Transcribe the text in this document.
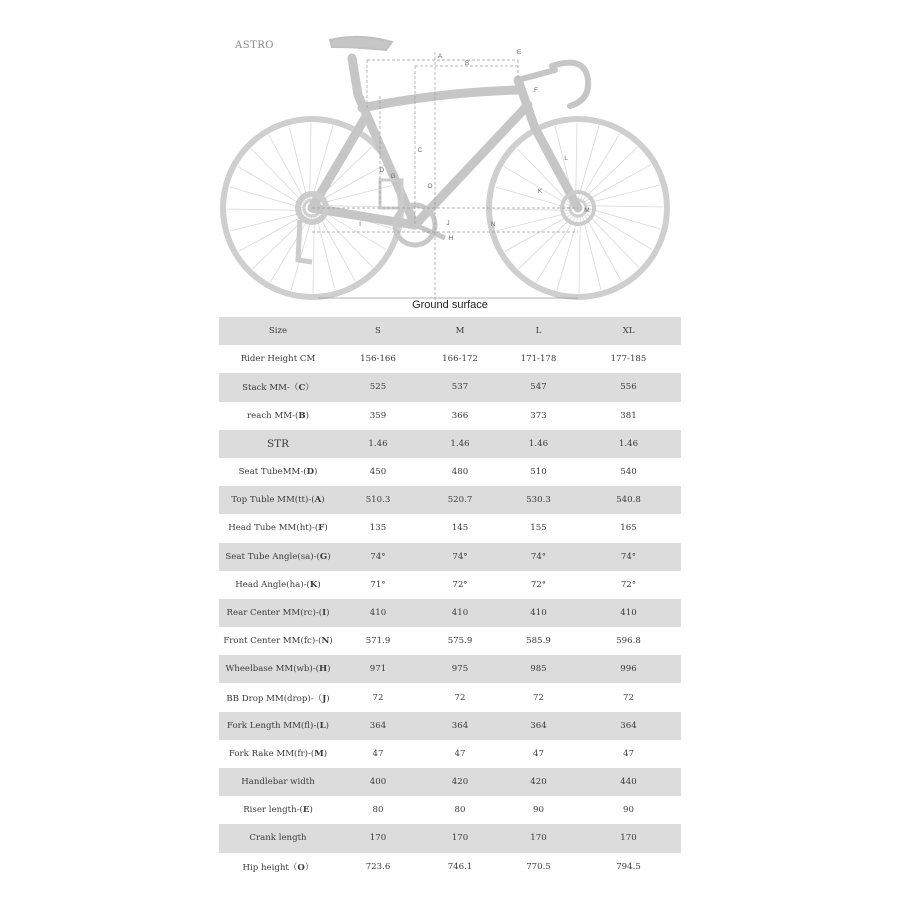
A
B
C
D
E
F
G
H
I	J
K
L
M
N
O
ASTRO
Ground surface
Size	S	M	L	XL
Rider Height CM	156-166	166-172	171-178	177-185
Stack MM-（C）	525	537	547	556
reach MM-(B)	359	366	373	381
STR	1.46	1.46	1.46	1.46
Seat TubeMM-(D)	450	480	510	540
Top Tuble MM(tt)-(A)	510.3	520.7	530.3	540.8
Head Tube MM(ht)-(F)	135	145	155	165
Seat Tube Angle(sa)-(G)	74°	74°	74°	74°
Head Angle(ha)-(K)	71°	72°	72°	72°
Rear Center MM(rc)-(I)	410	410	410	410
Front Center MM(fc)-(N)	571.9	575.9	585.9	596.8
Wheelbase MM(wb)-(H)	971	975	985	996
BB Drop MM(drop)-（J)	72	72	72	72
Fork Length MM(fl)-(L)	364	364	364	364
Fork Rake MM(fr)-(M)	47	47	47	47
Handlebar width	400	420	420	440
Riser length-(E)	80	80	90	90
Crank length	170	170	170	170
Hip height（O）	723.6	746.1	770.5	794.5
